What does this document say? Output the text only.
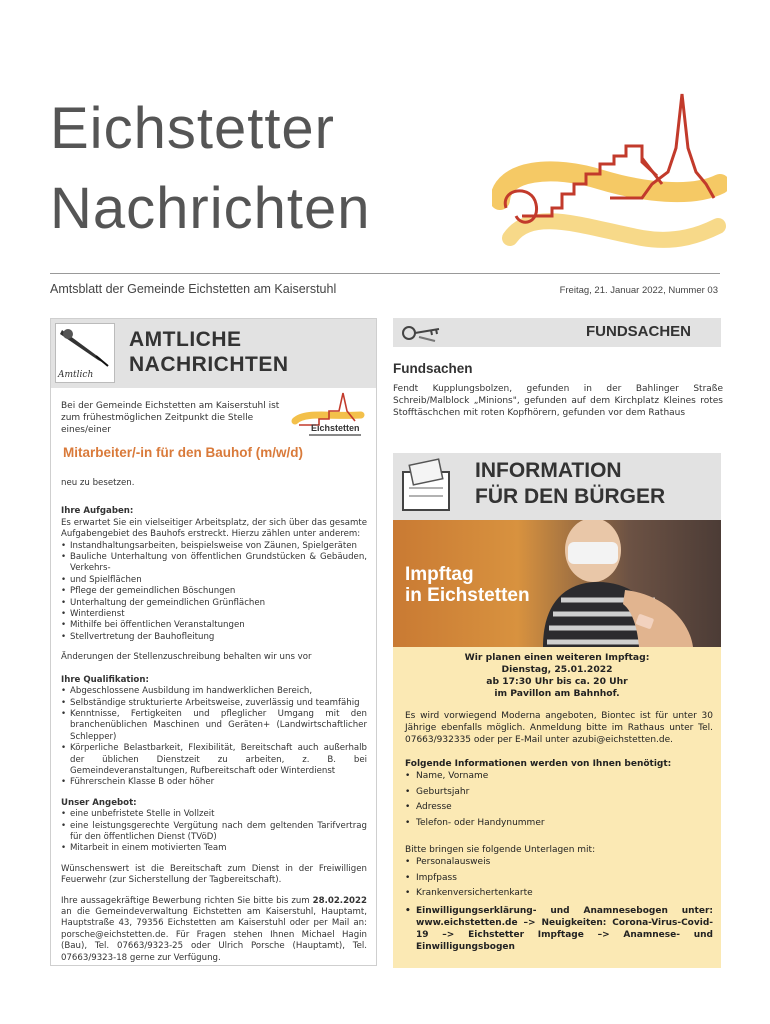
Eichstetter
Nachrichten
Amtsblatt der Gemeinde Eichstetten am Kaiserstuhl	Freitag, 21. Januar 2022, Nummer 03
Amtlich
AMTLICHE
NACHRICHTEN
Bei der Gemeinde Eichstetten am Kaiserstuhl ist zum frühestmöglichen Zeitpunkt die Stelle eines/einer	Eichstetten
Mitarbeiter/-in für den Bauhof (m/w/d)

neu zu besetzen.

Ihre Aufgaben:

Es erwartet Sie ein vielseitiger Arbeitsplatz, der sich über das gesamte Aufgabengebiet des Bauhofs erstreckt. Hierzu zählen unter anderem:

• Instandhaltungsarbeiten, beispielsweise von Zäunen, Spielgeräten
• Bauliche Unterhaltung von öffentlichen Grundstücken & Gebäuden, Verkehrs-
• und Spielflächen
• Pflege der gemeindlichen Böschungen
• Unterhaltung der gemeindlichen Grünflächen
• Winterdienst
• Mithilfe bei öffentlichen Veranstaltungen
• Stellvertretung der Bauhofleitung

Änderungen der Stellenzuschreibung behalten wir uns vor

Ihre Qualifikation:
• Abgeschlossene Ausbildung im handwerklichen Bereich,
• Selbständige strukturierte Arbeitsweise, zuverlässig und teamfähig
• Kenntnisse, Fertigkeiten und pfleglicher Umgang mit den branchenüblichen Maschinen und Geräten+ (Landwirtschaftlicher Schlepper)
• Körperliche Belastbarkeit, Flexibilität, Bereitschaft auch außerhalb der üblichen Dienstzeit zu arbeiten, z. B. bei Gemeindeveranstaltungen, Rufbereitschaft oder Winterdienst
• Führerschein Klasse B oder höher
Unser Angebot:
• eine unbefristete Stelle in Vollzeit
• eine leistungsgerechte Vergütung nach dem geltenden Tarifvertrag für den öffentlichen Dienst (TVöD)
• Mitarbeit in einem motivierten Team

Wünschenswert ist die Bereitschaft zum Dienst in der Freiwilligen Feuerwehr (zur Sicherstellung der Tagbereitschaft).

Ihre aussagekräftige Bewerbung richten Sie bitte bis zum 28.02.2022 an die Gemeindeverwaltung Eichstetten am Kaiserstuhl, Hauptamt, Hauptstraße 43, 79356 Eichstetten am Kaiserstuhl oder per Mail an: porsche@eichstetten.de. Für Fragen stehen Ihnen Michael Hagin (Bau), Tel. 07663/9323-25 oder Ulrich Porsche (Hauptamt), Tel. 07663/9323-18 gerne zur Verfügung.

FUNDSACHEN
Fundsachen
Fendt Kupplungsbolzen, gefunden in der Bahlinger Straße Schreib/Malblock „Minions", gefunden auf dem Kirchplatz Kleines rotes Stofftäschchen mit roten Kopfhörern, gefunden vor dem Rathaus
INFORMATION
FÜR DEN BÜRGER
Impftag
in Eichstetten
Wir planen einen weiteren Impftag:
Dienstag, 25.01.2022
ab 17:30 Uhr bis ca. 20 Uhr
im Pavillon am Bahnhof.
Es wird vorwiegend Moderna angeboten, Biontec ist für unter 30 Jährige ebenfalls möglich. Anmeldung bitte im Rathaus unter Tel. 07663/932335 oder per E-Mail unter azubi@eichstetten.de.
Folgende Informationen werden von Ihnen benötigt:
• Name, Vorname
• Geburtsjahr
• Adresse
• Telefon- oder Handynummer
Bitte bringen sie folgende Unterlagen mit:
• Personalausweis
• Impfpass
• Krankenversichertenkarte
• Einwilligungserklärung- und Anamnesebogen unter: www.eichstetten.de –> Neuigkeiten: Corona-Virus-Covid-19 –> Eichstetter Impftage –> Anamnese- und Einwilligungsbogen
